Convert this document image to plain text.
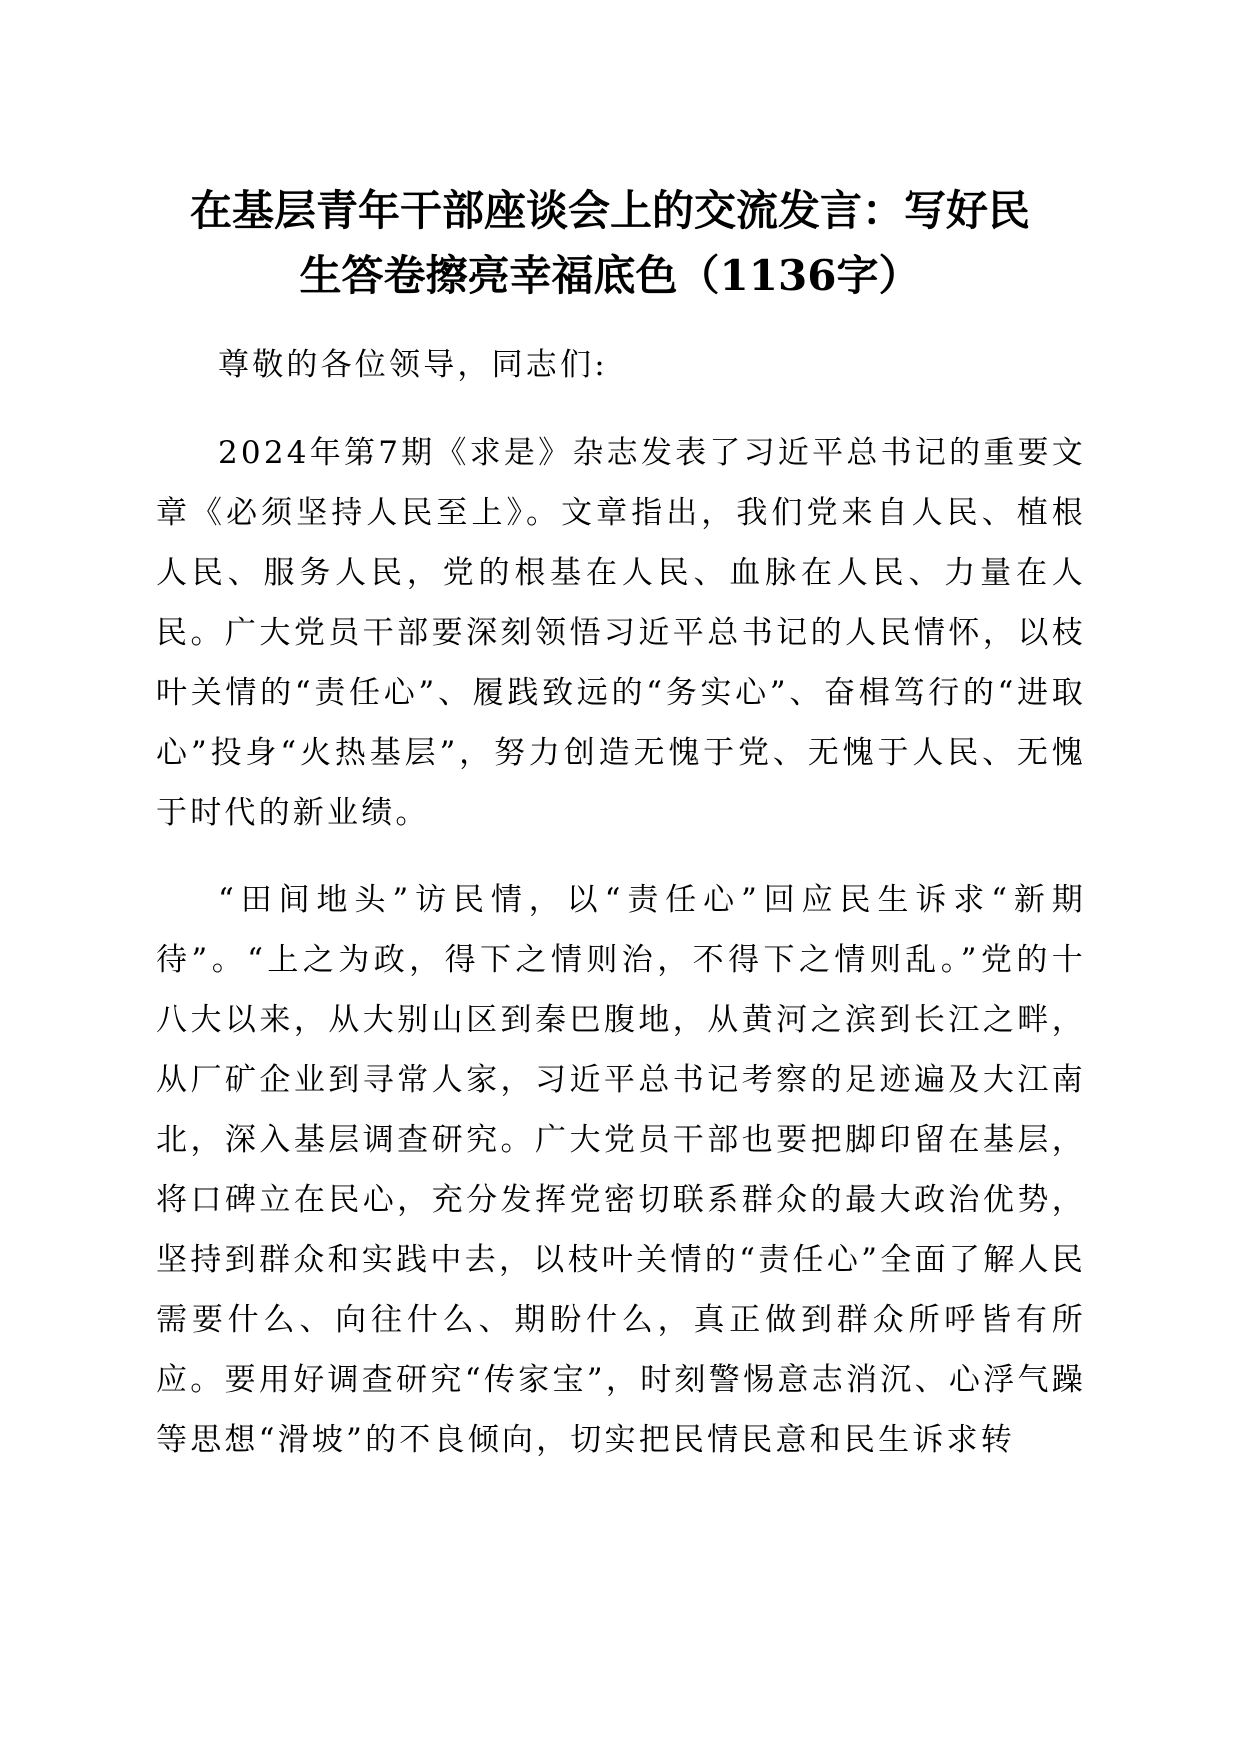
在基层青年干部座谈会上的交流发言：写好民
生答卷擦亮幸福底色（1136字）

尊敬的各位领导，同志们:

2024年第7期《求是》杂志发表了习近平总书记的重要文章《必须坚持人民至上》。文章指出，我们党来自人民、植根人民、服务人民，党的根基在人民、血脉在人民、力量在人民。广大党员干部要深刻领悟习近平总书记的人民情怀，以枝叶关情的“责任心”、履践致远的“务实心”、奋楫笃行的“进取心”投身“火热基层”，努力创造无愧于党、无愧于人民、无愧于时代的新业绩。

“田间地头”访民情，以“责任心”回应民生诉求“新期待”。“上之为政，得下之情则治，不得下之情则乱。”党的十八大以来，从大别山区到秦巴腹地，从黄河之滨到长江之畔，从厂矿企业到寻常人家，习近平总书记考察的足迹遍及大江南北，深入基层调查研究。广大党员干部也要把脚印留在基层，将口碑立在民心，充分发挥党密切联系群众的最大政治优势，坚持到群众和实践中去，以枝叶关情的“责任心”全面了解人民需要什么、向往什么、期盼什么，真正做到群众所呼皆有所应。要用好调查研究“传家宝”，时刻警惕意志消沉、心浮气躁等思想“滑坡”的不良倾向，切实把民情民意和民生诉求转
